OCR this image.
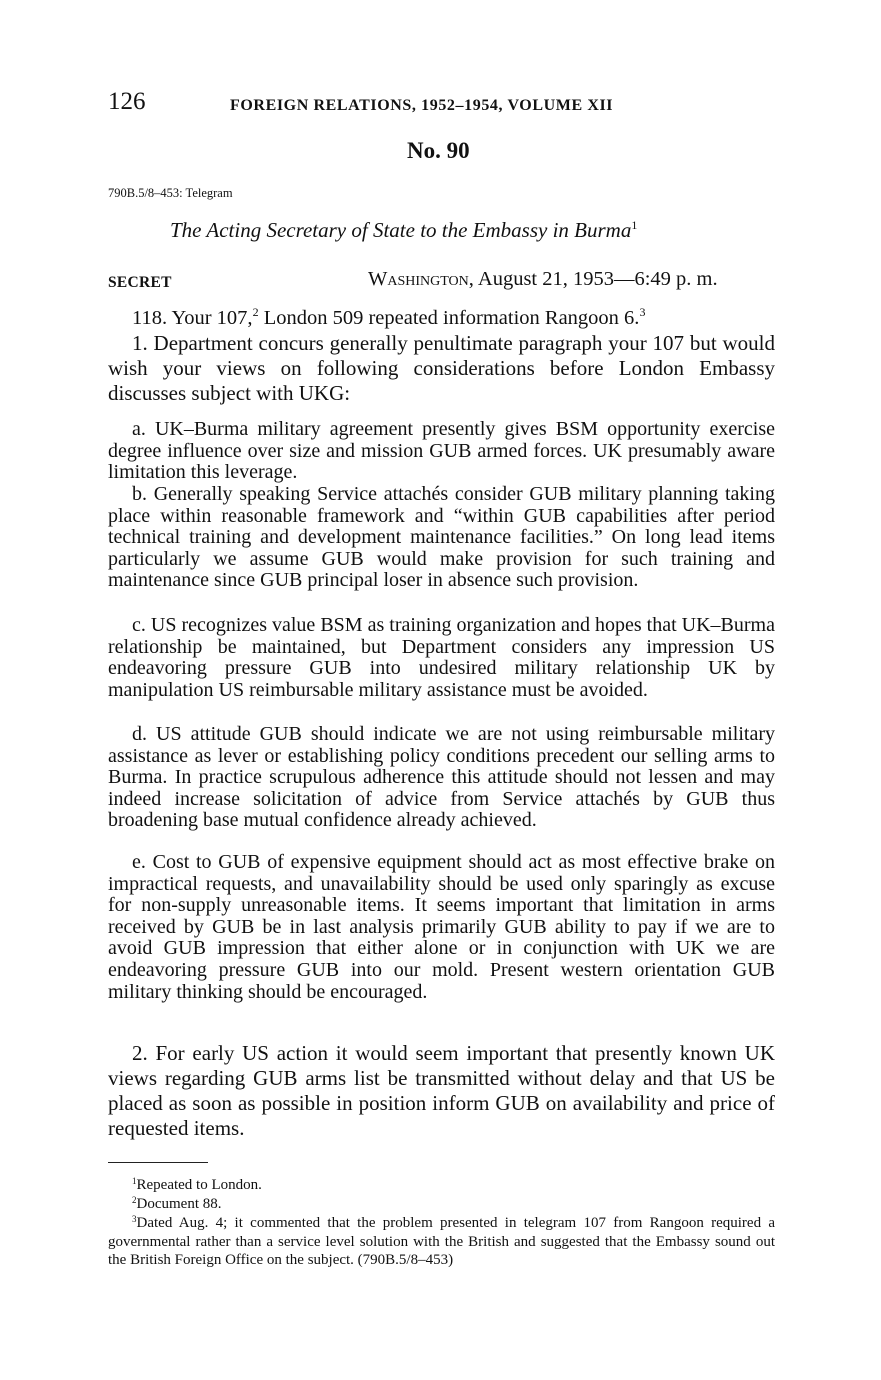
126	FOREIGN RELATIONS, 1952–1954, VOLUME XII
No. 90
790B.5/8–453: Telegram
The Acting Secretary of State to the Embassy in Burma$^1$
SECRET	Washington, August 21, 1953—6:49 p. m.
118. Your 107,$^2$ London 509 repeated information Rangoon 6.$^3$

1. Department concurs generally penultimate paragraph your 107 but would wish your views on following considerations before London Embassy discusses subject with UKG:

a. UK–Burma military agreement presently gives BSM opportunity exercise degree influence over size and mission GUB armed forces. UK presumably aware limitation this leverage.

b. Generally speaking Service attachés consider GUB military planning taking place within reasonable framework and “within GUB capabilities after period technical training and development maintenance facilities.” On long lead items particularly we assume GUB would make provision for such training and maintenance since GUB principal loser in absence such provision.

c. US recognizes value BSM as training organization and hopes that UK–Burma relationship be maintained, but Department considers any impression US endeavoring pressure GUB into undesired military relationship UK by manipulation US reimbursable military assistance must be avoided.

d. US attitude GUB should indicate we are not using reimbursable military assistance as lever or establishing policy conditions precedent our selling arms to Burma. In practice scrupulous adherence this attitude should not lessen and may indeed increase solicitation of advice from Service attachés by GUB thus broadening base mutual confidence already achieved.

e. Cost to GUB of expensive equipment should act as most effective brake on impractical requests, and unavailability should be used only sparingly as excuse for non-supply unreasonable items. It seems important that limitation in arms received by GUB be in last analysis primarily GUB ability to pay if we are to avoid GUB impression that either alone or in conjunction with UK we are endeavoring pressure GUB into our mold. Present western orientation GUB military thinking should be encouraged.

2. For early US action it would seem important that presently known UK views regarding GUB arms list be transmitted without delay and that US be placed as soon as possible in position inform GUB on availability and price of requested items.

$^1$Repeated to London.

$^2$Document 88.

$^3$Dated Aug. 4; it commented that the problem presented in telegram 107 from Rangoon required a governmental rather than a service level solution with the British and suggested that the Embassy sound out the British Foreign Office on the subject. (790B.5/8–453)
